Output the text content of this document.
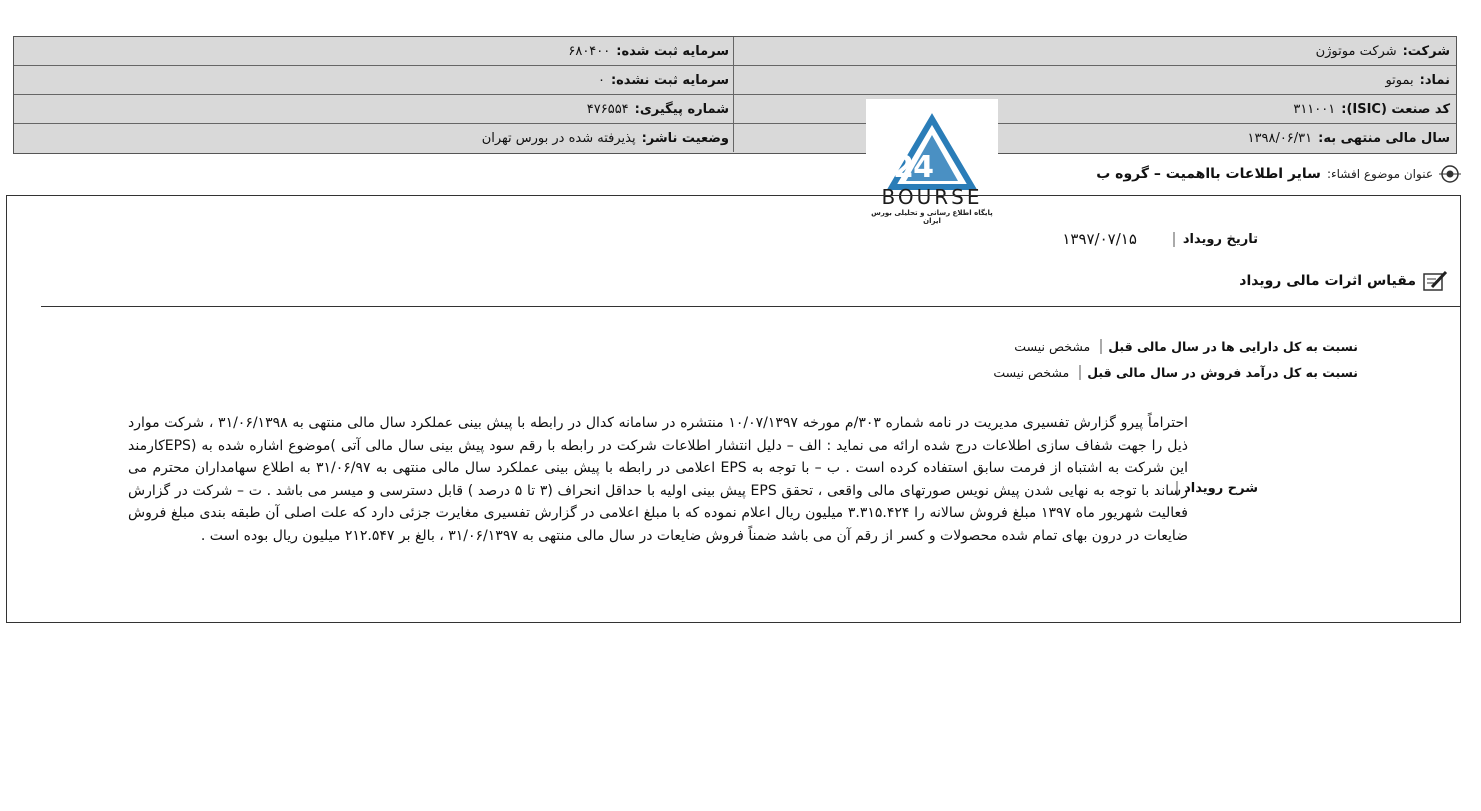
شرکت:
شرکت موتوژن
سرمایه ثبت شده:
۶۸۰۴۰۰
نماد:
بموتو
سرمایه ثبت نشده:
۰
کد صنعت (ISIC):
۳۱۱۰۰۱
شماره پیگیری:
۴۷۶۵۵۴
سال مالی منتهی به:
۱۳۹۸/۰۶/۳۱
وضعیت ناشر:
پذیرفته شده در بورس تهران
2 4
BOURSE
پایگاه اطلاع رسانی و تحلیلی بورس ایران
عنوان موضوع افشاء:
سایر اطلاعات بااهمیت – گروه ب
تاریخ رویداد
۱۳۹۷/۰۷/۱۵
مقیاس اثرات مالی رویداد
نسبت به کل دارایی ها در سال مالی قبل
مشخص نیست
نسبت به کل درآمد فروش در سال مالی قبل
مشخص نیست
شرح رویداد
احتراماً پیرو گزارش تفسیری مدیریت در نامه شماره ۳۰۳/م مورخه ۱۰/۰۷/۱۳۹۷ منتشره در سامانه کدال در رابطه با پیش بینی عملکرد سال مالی منتهی به ۳۱/۰۶/۱۳۹۸ ، شرکت موارد ذیل را جهت شفاف سازی اطلاعات درج شده ارائه می نماید : الف – دلیل انتشار اطلاعات شرکت در رابطه با رقم سود پیش بینی سال مالی آتی )موضوع اشاره شده به (EPSکارمند این شرکت به اشتباه از فرمت سابق استفاده کرده است . ب – با توجه به EPS اعلامی در رابطه با پیش بینی عملکرد سال مالی منتهی به ۳۱/۰۶/۹۷ به اطلاع سهامداران محترم می رساند با توجه به نهایی شدن پیش نویس صورتهای مالی واقعی ، تحقق EPS پیش بینی اولیه با حداقل انحراف (۳ تا ۵ درصد ) قابل دسترسی و میسر می باشد . ت – شرکت در گزارش فعالیت شهریور ماه ۱۳۹۷ مبلغ فروش سالانه را ۳.۳۱۵.۴۲۴ میلیون ریال اعلام نموده که با مبلغ اعلامی در گزارش تفسیری مغایرت جزئی دارد که علت اصلی آن طبقه بندی مبلغ فروش ضایعات در درون بهای تمام شده محصولات و کسر از رقم آن می باشد ضمناً فروش ضایعات در سال مالی منتهی به ۳۱/۰۶/۱۳۹۷ ، بالغ بر ۲۱۲.۵۴۷ میلیون ریال بوده است .
